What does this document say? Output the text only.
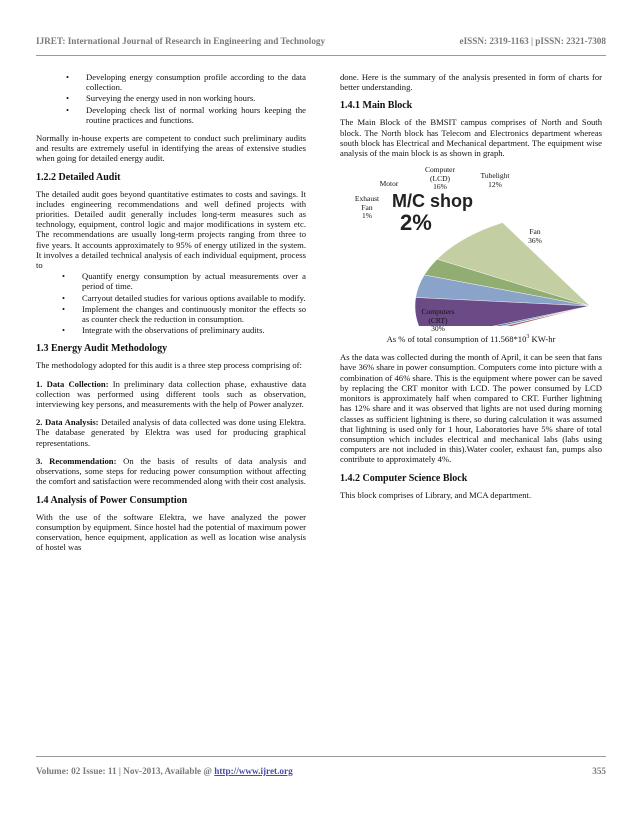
IJRET: International Journal of Research in Engineering and Technology	eISSN: 2319-1163 | pISSN: 2321-7308
• Developing energy consumption profile according to the data collection.
• Surveying the energy used in non working hours.
• Developing check list of normal working hours keeping the routine practices and functions.

Normally in-house experts are competent to conduct such preliminary audits and results are extremely useful in identifying the areas of extensive studies when going for detailed energy audit.

1.2.2 Detailed Audit

The detailed audit goes beyond quantitative estimates to costs and savings. It includes engineering recommendations and well defined projects with priorities. Detailed audit generally includes long-term measures such as technology, equipment, control logic and major modifications in system etc. The recommendations are usually long-term projects ranging from three to five years. It accounts approximately to 95% of energy utilized in the system. It involves a detailed technical analysis of each individual equipment, process to

• Quantify energy consumption by actual measurements over a period of time.
• Carryout detailed studies for various options available to modify.
• Implement the changes and continuously monitor the effects so as counter check the reduction in consumption.
• Integrate with the observations of preliminary audits.
1.3 Energy Audit Methodology

The methodology adopted for this audit is a three step process comprising of:

1. Data Collection: In preliminary data collection phase, exhaustive data collection was performed using different tools such as observation, interviewing key persons, and measurements with the help of Power analyzer.

2. Data Analysis: Detailed analysis of data collected was done using Elektra. The database generated by Elektra was used for producing graphical representations.

3. Recommendation: On the basis of results of data analysis and observations, some steps for reducing power consumption without affecting the comfort and satisfaction were recommended along with their cost analysis.

1.4 Analysis of Power Consumption

With the use of the software Elektra, we have analyzed the power consumption by equipment. Since hostel had the potential of maximum power conservation, hence equipment, application as well as location wise analysis of hostel was

done. Here is the summary of the analysis presented in form of charts for better understanding.

1.4.1 Main Block

The Main Block of the BMSIT campus comprises of North and South block. The North block has Telecom and Electronics department whereas south block has Electrical and Mechanical department. The equipment wise analysis of the main block is as shown in graph.

M/C shop
2%
Computers
(CRT)
30%
Computer
(LCD)
16%
Tubelight
12%
Motor
Exhaust
Fan
1%
Fan
36%

As % of total consumption of $11.568*10^3$ KW-hr

As the data was collected during the month of April, it can be seen that fans have 36% share in power consumption. Computers come into picture with a combination of 46% share. This is the equipment where power can be saved by replacing the CRT monitor with LCD. The power consumed by LCD monitors is approximately half when compared to CRT. Further lightning has 12% share and it was observed that lights are not used during morning classes as sufficient lightning is there, so during calculation it was assumed that lightning is used only for 1 hour, Laboratories have 5% share of total consumption which includes electrical and mechanical labs (labs using computers are not included in this).Water cooler, exhaust fan, pumps also contribute to approximately 4%.

1.4.2 Computer Science Block

This block comprises of Library, and MCA department.

Volume: 02 Issue: 11 | Nov-2013, Available @ http://www.ijret.org	355
